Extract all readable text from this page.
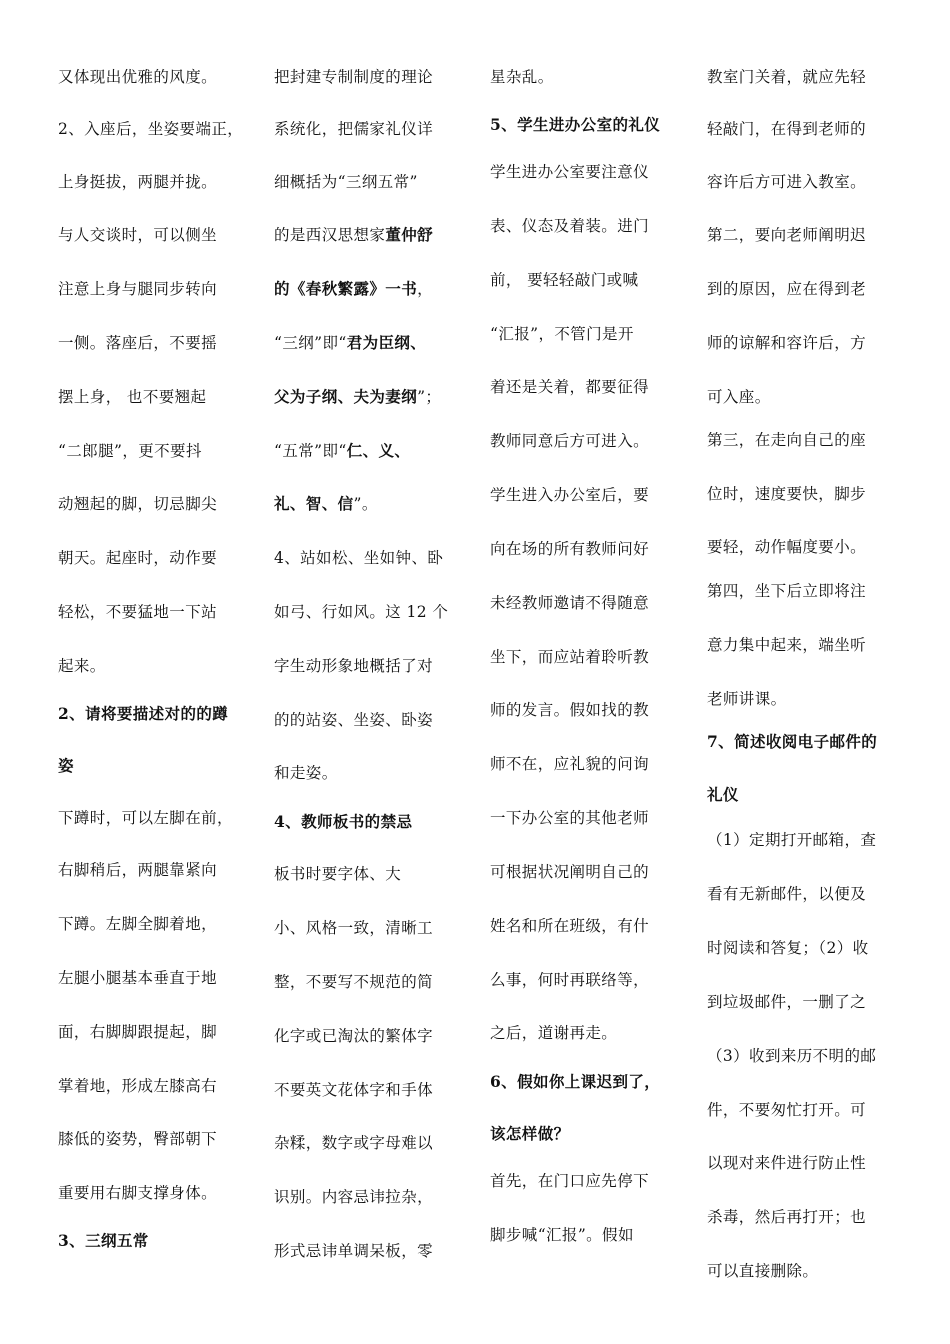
又体现出优雅的风度。
2、入座后，坐姿要端正，
上身挺拔，两腿并拢。
与人交谈时，可以侧坐
注意上身与腿同步转向
一侧。落座后，不要摇
摆上身， 也不要翘起
“二郎腿”，更不要抖
动翘起的脚，切忌脚尖
朝天。起座时，动作要
轻松，不要猛地一下站
起来。
2、请将要描述对的的蹲
姿
下蹲时，可以左脚在前，
右脚稍后，两腿靠紧向
下蹲。左脚全脚着地，
左腿小腿基本垂直于地
面，右脚脚跟提起，脚
掌着地，形成左膝高右
膝低的姿势，臀部朝下
重要用右脚支撑身体。
3、三纲五常
把封建专制制度的理论
系统化，把儒家礼仪详
细概括为“三纲五常”
的是西汉思想家董仲舒
的《春秋繁露》一书，
“三纲”即“君为臣纲、
父为子纲、夫为妻纲”；
“五常”即“仁、义、
礼、智、信”。
4、站如松、坐如钟、卧
如弓、行如风。这 12 个
字生动形象地概括了对
的的站姿、坐姿、卧姿
和走姿。
4、教师板书的禁忌
板书时要字体、大
小、风格一致，清晰工
整，不要写不规范的简
化字或已淘汰的繁体字
不要英文花体字和手体
杂糅，数字或字母难以
识别。内容忌讳拉杂，
形式忌讳单调呆板，零
星杂乱。
5、学生进办公室的礼仪
学生进办公室要注意仪
表、仪态及着装。进门
前， 要轻轻敲门或喊
“汇报”，不管门是开
着还是关着，都要征得
教师同意后方可进入。
学生进入办公室后，要
向在场的所有教师问好
未经教师邀请不得随意
坐下，而应站着聆听教
师的发言。假如找的教
师不在，应礼貌的问询
一下办公室的其他老师
可根据状况阐明自己的
姓名和所在班级，有什
么事，何时再联络等，
之后，道谢再走。
6、假如你上课迟到了，
该怎样做？
首先，在门口应先停下
脚步喊“汇报”。假如
教室门关着，就应先轻
轻敲门，在得到老师的
容许后方可进入教室。
第二，要向老师阐明迟
到的原因，应在得到老
师的谅解和容许后，方
可入座。
第三，在走向自己的座
位时，速度要快，脚步
要轻，动作幅度要小。
第四，坐下后立即将注
意力集中起来，端坐听
老师讲课。
7、简述收阅电子邮件的
礼仪
（1）定期打开邮箱，查
看有无新邮件，以便及
时阅读和答复；（2）收
到垃圾邮件，一删了之
（3）收到来历不明的邮
件，不要匆忙打开。可
以现对来件进行防止性
杀毒，然后再打开；也
可以直接删除。
